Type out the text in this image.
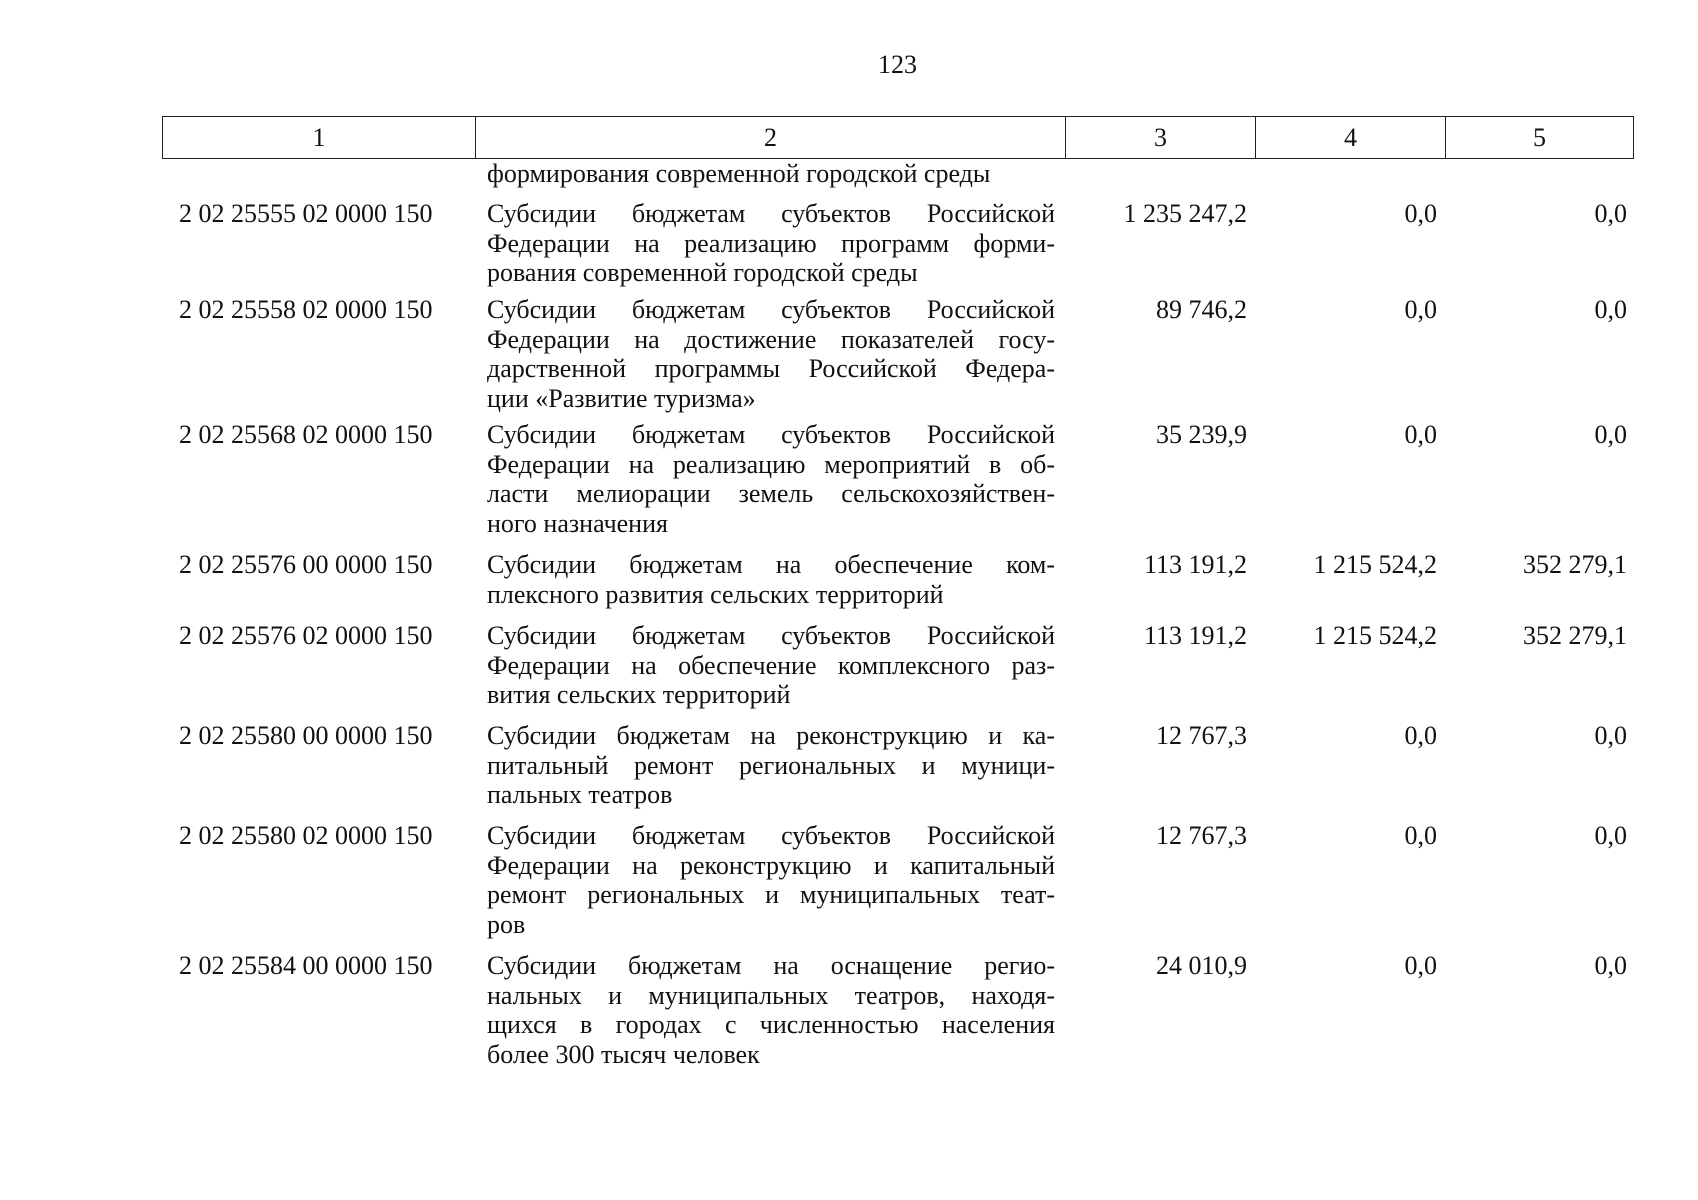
123
1	2	3	4	5
формирования современной городской среды
2 02 25555 02 0000 150	Субсидии бюджетам субъектов Российской
Федерации на реализацию программ форми-
рования современной городской среды
1 235 247,2	0,0	0,0
2 02 25558 02 0000 150	Субсидии бюджетам субъектов Российской
Федерации на достижение показателей госу-
дарственной программы Российской Федера-
ции «Развитие туризма»
89 746,2	0,0	0,0
2 02 25568 02 0000 150	Субсидии бюджетам субъектов Российской
Федерации на реализацию мероприятий в об-
ласти мелиорации земель сельскохозяйствен-
ного назначения
35 239,9	0,0	0,0
2 02 25576 00 0000 150	Субсидии бюджетам на обеспечение ком-
плексного развития сельских территорий
113 191,2	1 215 524,2	352 279,1
2 02 25576 02 0000 150	Субсидии бюджетам субъектов Российской
Федерации на обеспечение комплексного раз-
вития сельских территорий
113 191,2	1 215 524,2	352 279,1
2 02 25580 00 0000 150	Субсидии бюджетам на реконструкцию и ка-
питальный ремонт региональных и муници-
пальных театров
12 767,3	0,0	0,0
2 02 25580 02 0000 150	Субсидии бюджетам субъектов Российской
Федерации на реконструкцию и капитальный
ремонт региональных и муниципальных теат-
ров
12 767,3	0,0	0,0
2 02 25584 00 0000 150	Субсидии бюджетам на оснащение регио-
нальных и муниципальных театров, находя-
щихся в городах с численностью населения
более 300 тысяч человек
24 010,9	0,0	0,0
